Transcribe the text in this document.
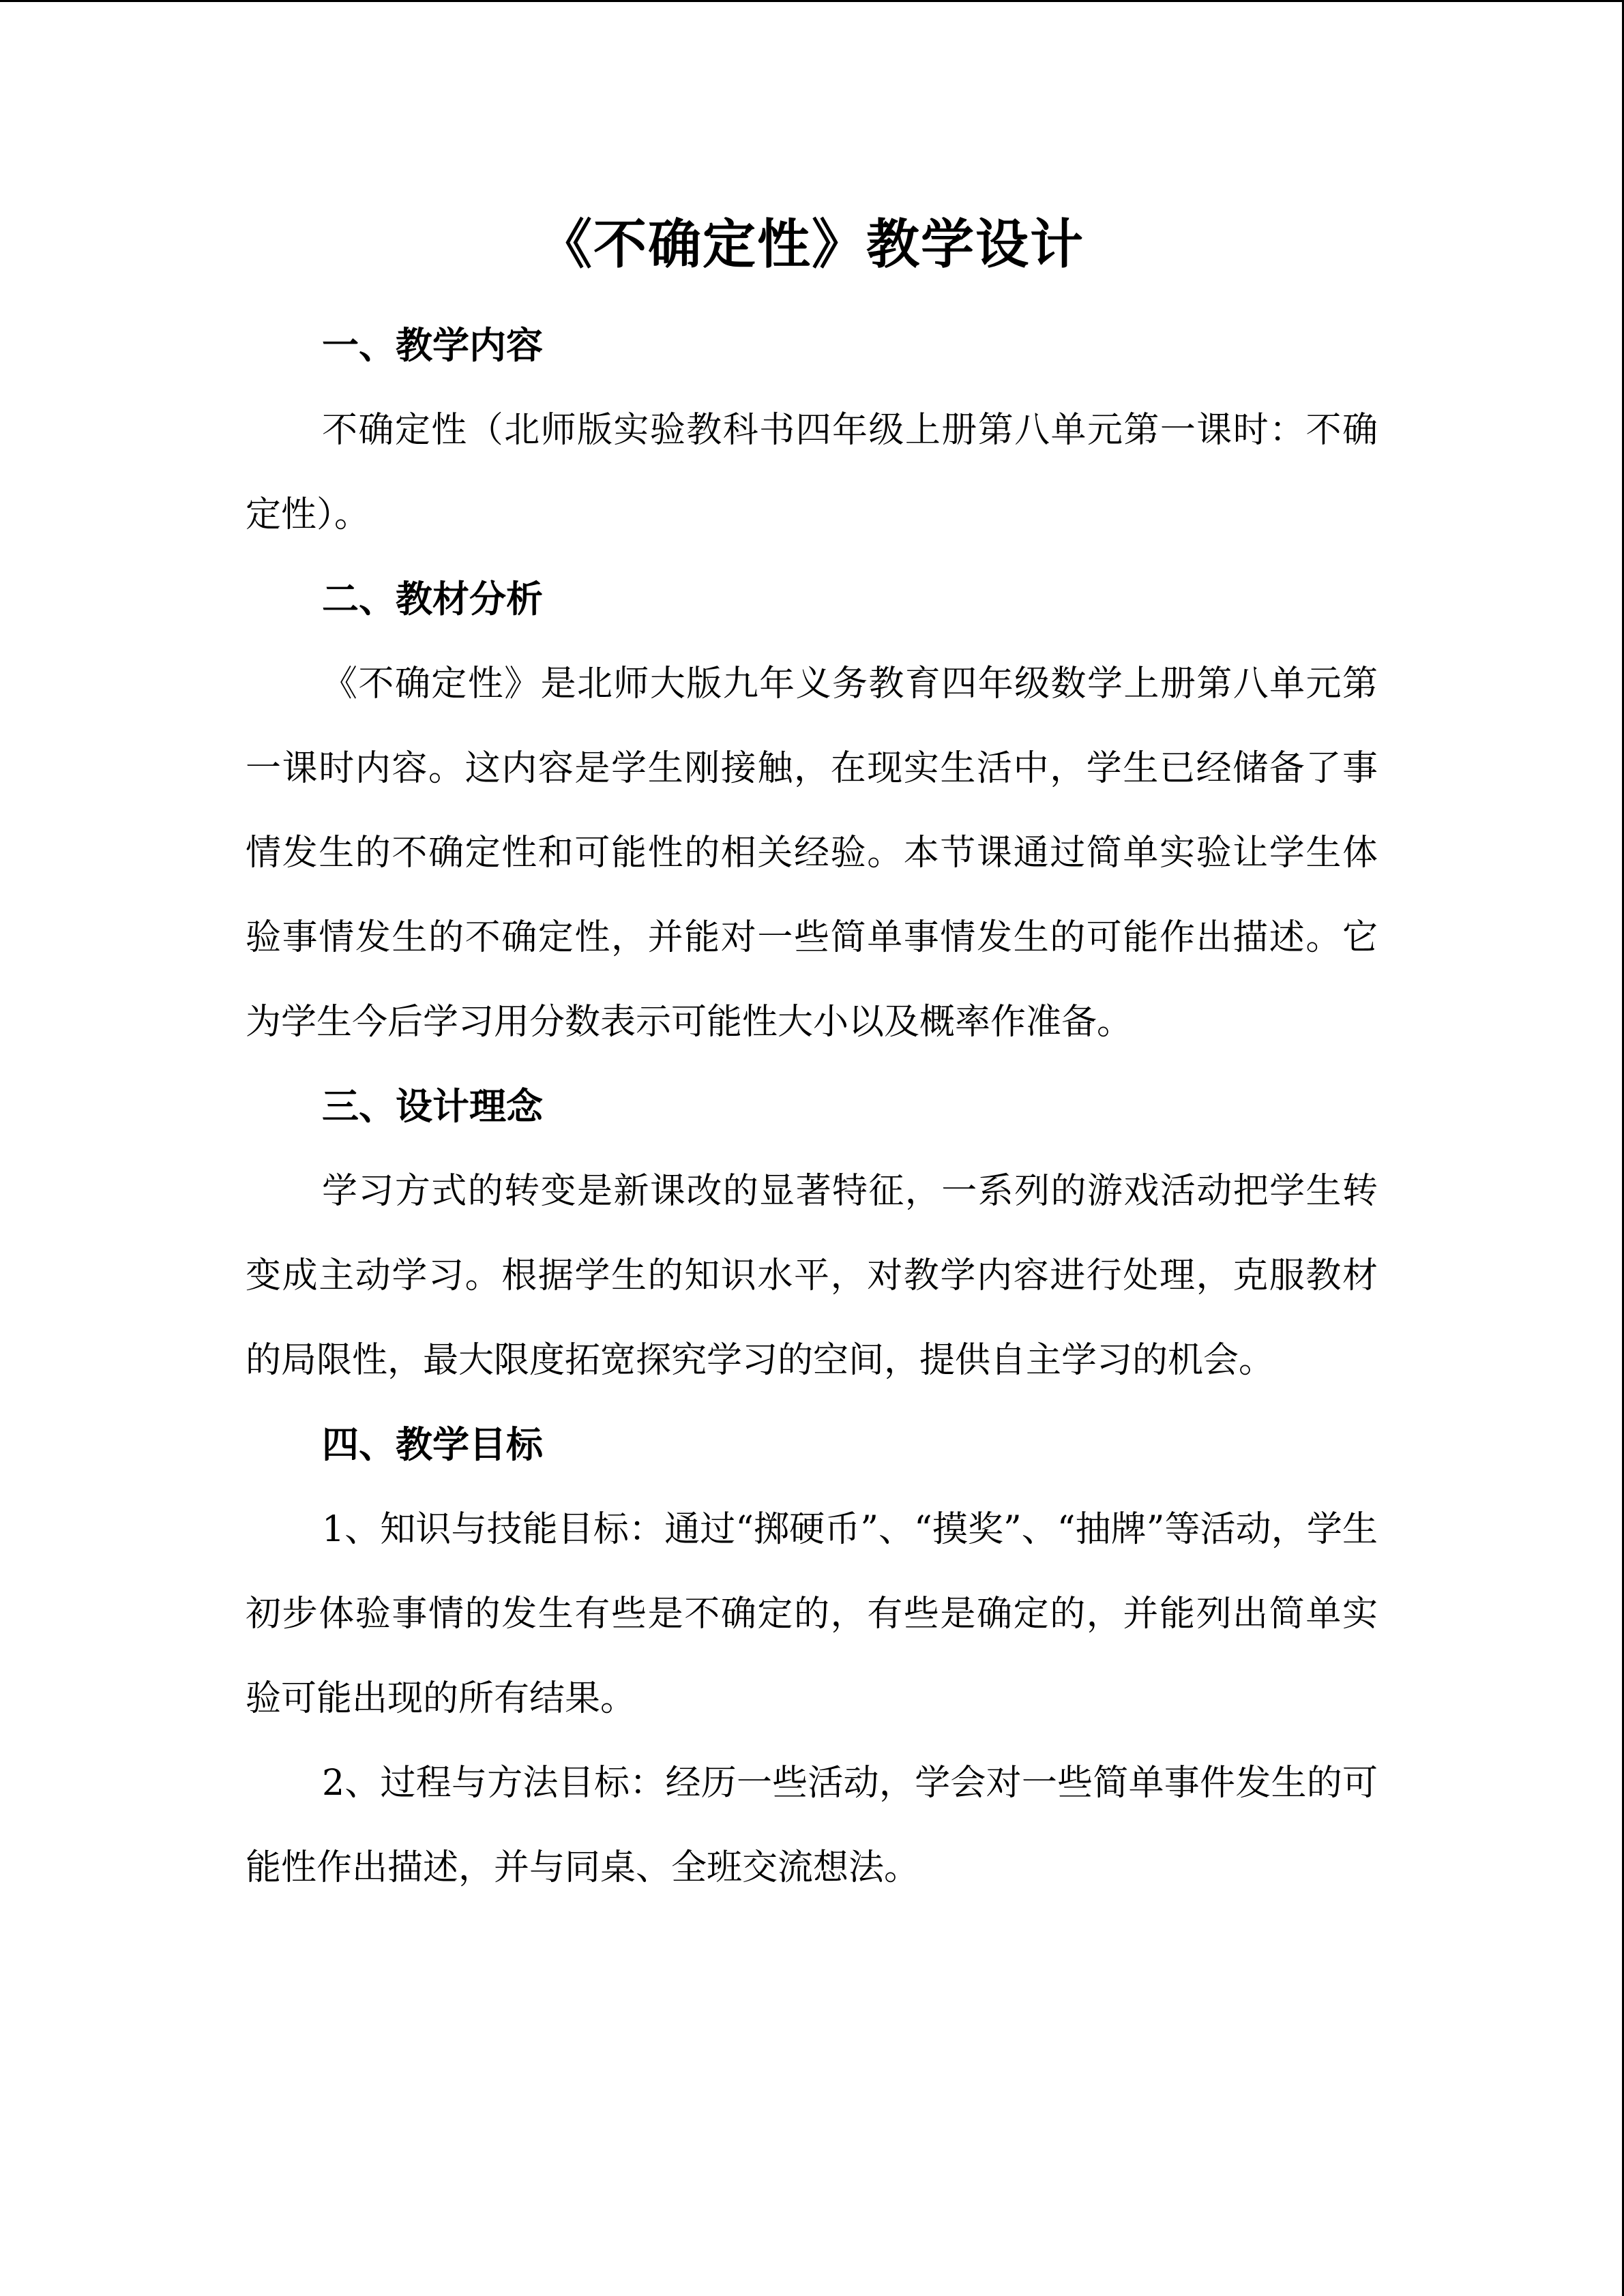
《不确定性》教学设计
一、教学内容

不确定性（北师版实验教科书四年级上册第八单元第一课时：不确定性）。

二、教材分析

《不确定性》是北师大版九年义务教育四年级数学上册第八单元第一课时内容。这内容是学生刚接触，在现实生活中，学生已经储备了事情发生的不确定性和可能性的相关经验。本节课通过简单实验让学生体验事情发生的不确定性，并能对一些简单事情发生的可能作出描述。它为学生今后学习用分数表示可能性大小以及概率作准备。

三、设计理念

学习方式的转变是新课改的显著特征，一系列的游戏活动把学生转变成主动学习。根据学生的知识水平，对教学内容进行处理，克服教材的局限性，最大限度拓宽探究学习的空间，提供自主学习的机会。

四、教学目标

1、知识与技能目标：通过“掷硬币”、“摸奖”、“抽牌”等活动，学生初步体验事情的发生有些是不确定的，有些是确定的，并能列出简单实验可能出现的所有结果。

2、过程与方法目标：经历一些活动，学会对一些简单事件发生的可能性作出描述，并与同桌、全班交流想法。
